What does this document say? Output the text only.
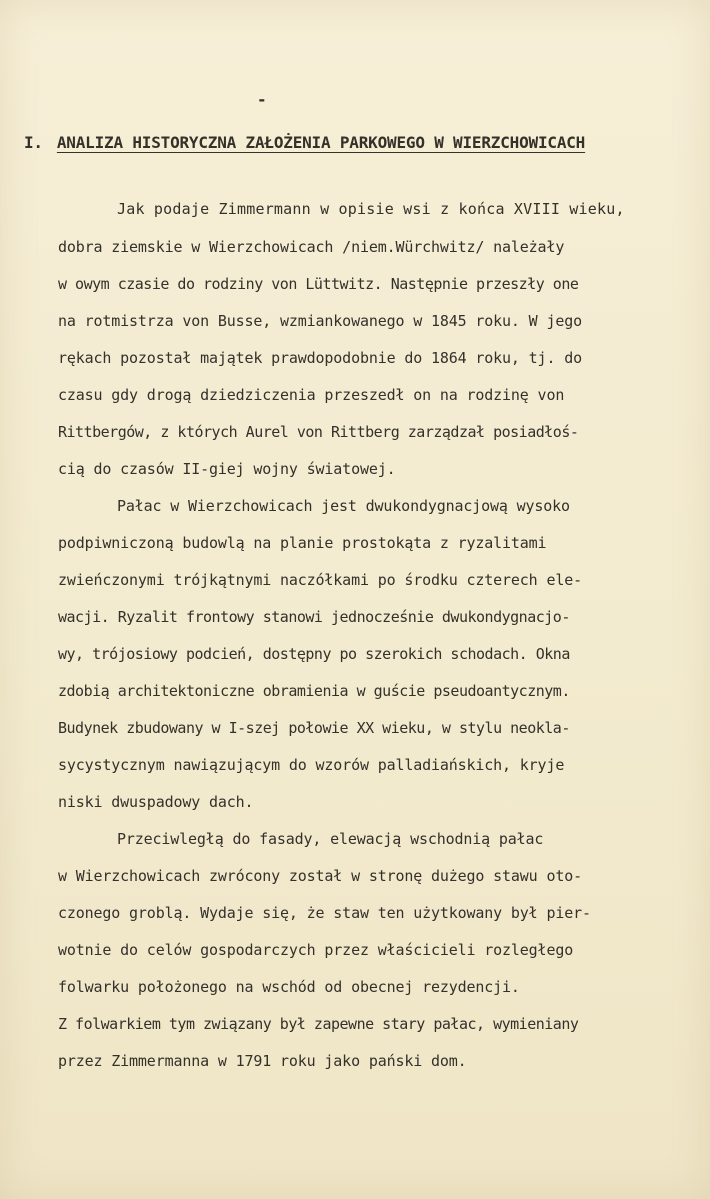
-
I. ANALIZA HISTORYCZNA ZAŁOŻENIA PARKOWEGO W WIERZCHOWICACH
Jak podaje Zimmermann w opisie wsi z końca XVIII wieku,
dobra ziemskie w Wierzchowicach /niem.Würchwitz/ należały
w owym czasie do rodziny von Lüttwitz. Następnie przeszły one
na rotmistrza von Busse, wzmiankowanego w 1845 roku. W jego
rękach pozostał majątek prawdopodobnie do 1864 roku, tj. do
czasu gdy drogą dziedziczenia przeszedł on na rodzinę von
Rittbergów, z których Aurel von Rittberg zarządzał posiadłoś-
cią do czasów II-giej wojny światowej.
Pałac w Wierzchowicach jest dwukondygnacjową wysoko
podpiwniczoną budowlą na planie prostokąta z ryzalitami
zwieńczonymi trójkątnymi naczółkami po środku czterech ele-
wacji. Ryzalit frontowy stanowi jednocześnie dwukondygnacjo-
wy, trójosiowy podcień, dostępny po szerokich schodach. Okna
zdobią architektoniczne obramienia w guście pseudoantycznym.
Budynek zbudowany w I-szej połowie XX wieku, w stylu neokla-
sycystycznym nawiązującym do wzorów palladiańskich, kryje
niski dwuspadowy dach.
Przeciwległą do fasady, elewacją wschodnią pałac
w Wierzchowicach zwrócony został w stronę dużego stawu oto-
czonego groblą. Wydaje się, że staw ten użytkowany był pier-
wotnie do celów gospodarczych przez właścicieli rozległego
folwarku położonego na wschód od obecnej rezydencji.
Z folwarkiem tym związany był zapewne stary pałac, wymieniany
przez Zimmermanna w 1791 roku jako pański dom.
